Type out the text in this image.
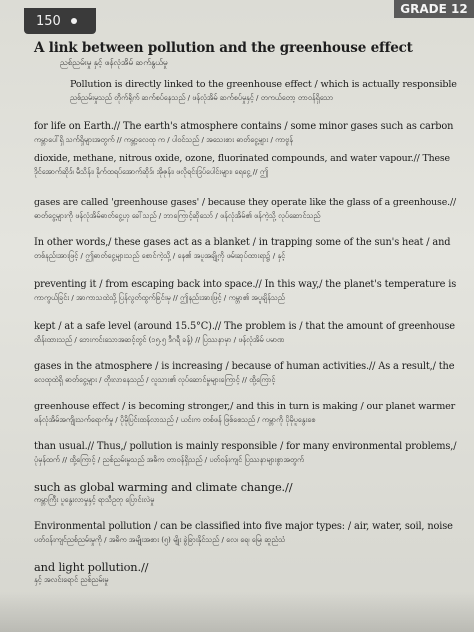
150
GRADE 12
A link between pollution and the greenhouse effect
ညစ်ညမ်းမှု နှင့် ဖန်လုံအိမ် ဆက်နွယ်မှု
Pollution is directly linked to the greenhouse effect / which is actually responsible
ညစ်ညမ်းမှုသည် တိုက်ရိုက် ဆက်စပ်နေသည် / ဖန်လုံအိမ် ဆက်စပ်မှုနှင့် / တကယ်တော့ တာဝန်ရှိသော
for life on Earth.// The earth's atmosphere contains / some minor gases such as carbon
ကမ္ဘာပေါ်ရှိ သက်ရှိများအတွက် // ကမ္ဘာ့လေထု က / ပါဝင်သည် / အသေးစား ဓာတ်ငွေ့များ / ကာဗွန်
dioxide, methane, nitrous oxide, ozone, fluorinated compounds, and water vapour.// These
ဒိုင်အောက်ဆိုဒ်၊ မီသိန်း၊ နိုက်ထရပ်အောက်ဆိုဒ်၊ အိုဇုန်း၊ ဖလိုရင်းဒြပ်ပေါင်းများ၊ ရေငွေ့ // ဤ
gases are called 'greenhouse gases' / because they operate like the glass of a greenhouse.//
ဓာတ်ငွေ့များကို ဖန်လုံအိမ်ဓာတ်ငွေ့ဟု ခေါ်သည် / ဘာကြောင့်ဆိုသော် / ဖန်လုံအိမ်၏ ဖန်ကဲ့သို့ လုပ်ဆောင်သည်
In other words,/ these gases act as a blanket / in trapping some of the sun's heat / and
တစ်နည်းအားဖြင့် / ဤဓာတ်ငွေ့များသည် စောင်ကဲ့သို့ / နေ၏ အပူအချို့ကို ဖမ်းဆုပ်ထားရာ၌ / နှင့်
preventing it / from escaping back into space.// In this way,/ the planet's temperature is
ကာကွယ်ခြင်း / အာကာသထဲသို့ ပြန်လွတ်ထွက်ခြင်းမှ // ဤနည်းအားဖြင့် / ကမ္ဘာ၏ အပူချိန်သည်
kept / at a safe level (around 15.5°C).// The problem is / that the amount of greenhouse
ထိန်းထားသည် / ဘေးကင်းသောအဆင့်တွင် (၁၅.၅ ဒီဂရီ ခန့်) // ပြဿနာမှာ / ဖန်လုံအိမ် ပမာဏ
gases in the atmosphere / is increasing / because of human activities.// As a result,/ the
လေထုထဲရှိ ဓာတ်ငွေ့များ / တိုးလာနေသည် / လူသား၏ လုပ်ဆောင်မှုများကြောင့် // ထို့ကြောင့်
greenhouse effect / is becoming stronger,/ and this in turn is making / our planet warmer
ဖန်လုံအိမ်အကျိုးသက်ရောက်မှု / ပိုမိုပြင်းထန်လာသည် / ယင်းက တစ်ဖန် ဖြစ်စေသည် / ကမ္ဘာကို ပိုမိုပူနွေးစေ
than usual.// Thus,/ pollution is mainly responsible / for many environmental problems,/
ပုံမှန်ထက် // ထို့ကြောင့် / ညစ်ညမ်းမှုသည် အဓိက တာဝန်ရှိသည် / ပတ်ဝန်းကျင် ပြဿနာများစွာအတွက်
such as global warming and climate change.//
ကမ္ဘာကြီး ပူနွေးလာမှုနှင့် ရာသီဥတု ပြောင်းလဲမှု
Environmental pollution / can be classified into five major types: / air, water, soil, noise
ပတ်ဝန်းကျင်ညစ်ညမ်းမှုကို / အဓိက အမျိုးအစား (၅) မျိုး ခွဲခြားနိုင်သည် / လေ၊ ရေ၊ မြေ၊ ဆူညံသံ
and light pollution.//
နှင့် အလင်းရောင် ညစ်ညမ်းမှု
